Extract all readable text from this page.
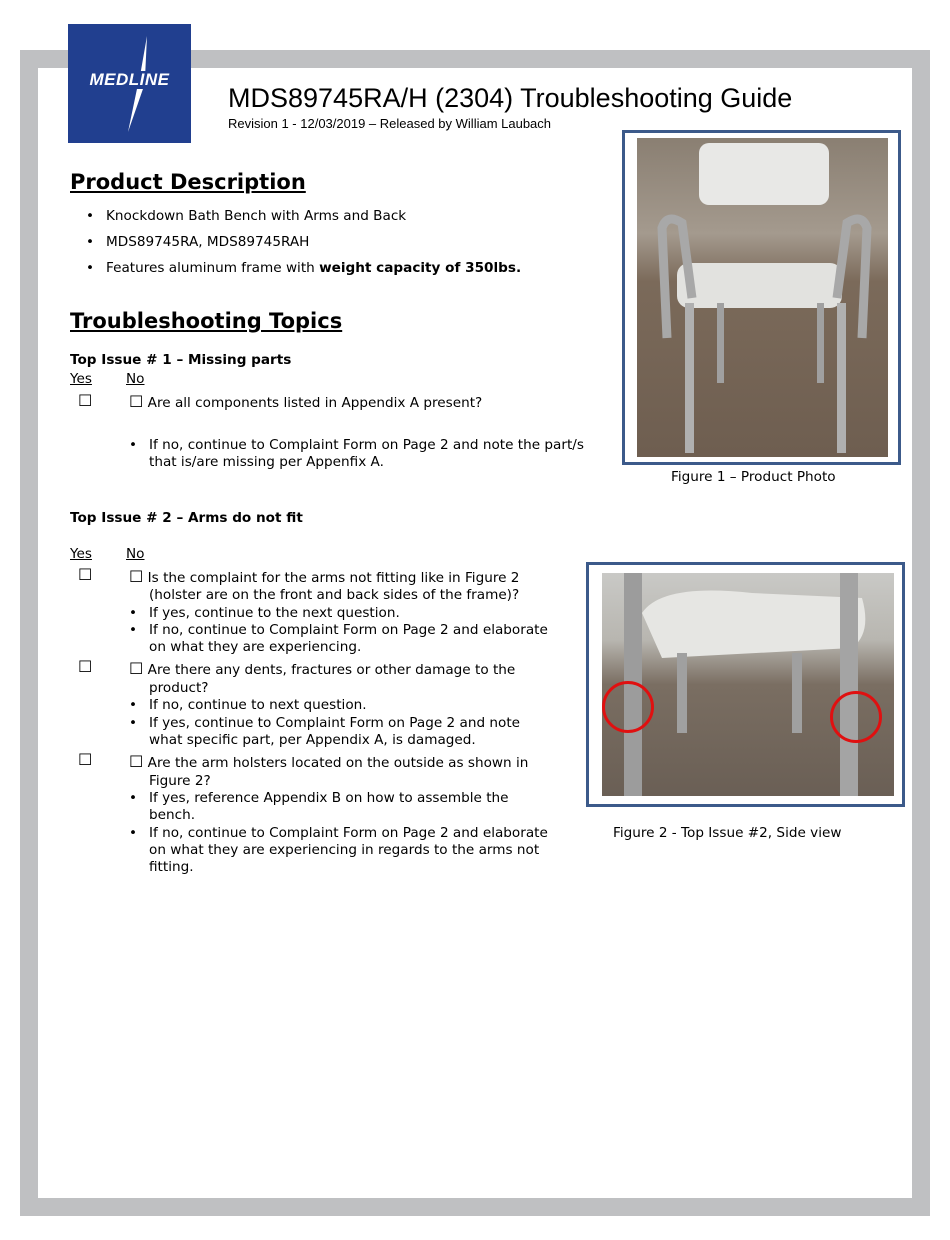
MEDLINE
MDS89745RA/H (2304) Troubleshooting Guide
Revision 1 - 12/03/2019 – Released by William Laubach
Product Description
• Knockdown Bath Bench with Arms and Back
• MDS89745RA, MDS89745RAH
• Features aluminum frame with weight capacity of 350lbs.
Troubleshooting Topics
Top Issue # 1 – Missing parts
Yes	No
☐ ☐ Are all components listed in Appendix A present?
• If no, continue to Complaint Form on Page 2 and note the part/s
that is/are missing per Appenfix A.
Top Issue # 2 – Arms do not fit
Yes	No
☐ ☐ Is the complaint for the arms not fitting like in Figure 2
(holster are on the front and back sides of the frame)?
• If yes, continue to the next question.
• If no, continue to Complaint Form on Page 2 and elaborate
on what they are experiencing.
☐ ☐ Are there any dents, fractures or other damage to the
product?
• If no, continue to next question.
• If yes, continue to Complaint Form on Page 2 and note
what specific part, per Appendix A, is damaged.
☐ ☐ Are the arm holsters located on the outside as shown in
Figure 2?
• If yes, reference Appendix B on how to assemble the
bench.
• If no, continue to Complaint Form on Page 2 and elaborate
on what they are experiencing in regards to the arms not
fitting.
Figure 1 – Product Photo
Figure 2 - Top Issue #2, Side view
